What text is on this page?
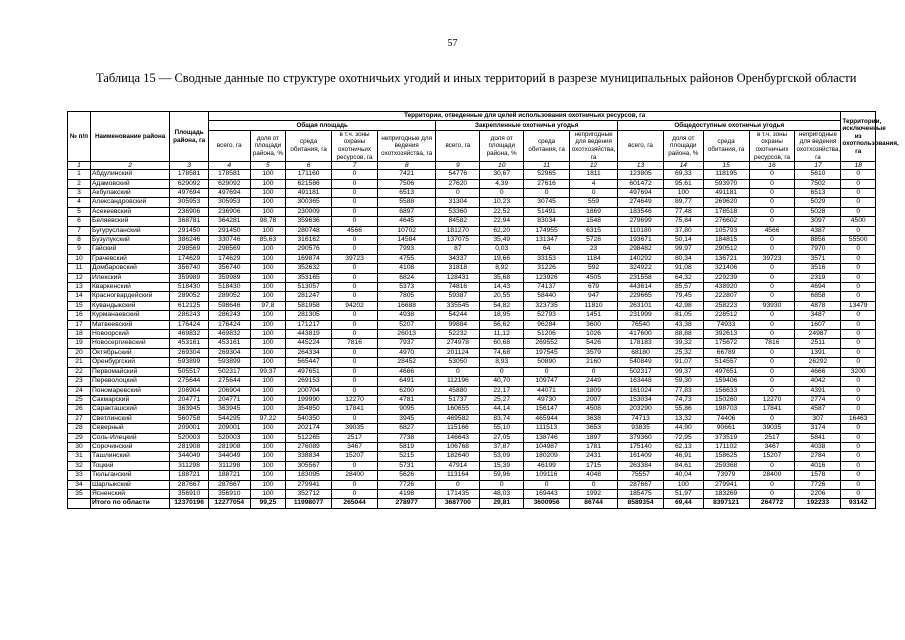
57
Таблица 15 — Сводные данные по структуре охотничьих угодий и иных территорий в разрезе муниципальных районов Оренбургской области
№ п/п	Наименование района	Площадь района, га	Территории, отведенные для целей использования охотничьих ресурсов, га														Территории, исключенные из охотпользования, га
			Общая площадь					Закрепленные охотничьи угодья				Общедоступные охотничьи угодья					
			всего, га	доля от площади района, %	среда обитания, га	в т.ч. зоны охраны охотничьих ресурсов, га	непригодные для ведения охотхозяйства, га	всего, га	доля от площади района, %	среда обитания, га	непригодные для ведения охотхозяйства, га	всего, га	доля от площади района, %	среда обитания, га	в т.ч. зоны охраны охотничьих ресурсов, га	непригодные для ведения охотхозяйства, га	
1	2	3	4	5	6	7	8	9	10	11	12	13	14	15	16	17	18
1	Абдулинский	178581	178581	100	171160	0	7421	54776	30,67	52965	1811	123805	69,33	118195	0	5610	0
2	Адамовский	629092	629092	100	621586	0	7506	27620	4,39	27616	4	601472	95,61	593970	0	7502	0
3	Акбулакский	497694	497694	100	491181	0	6513	0	0	0	0	497694	100	491181	0	6513	0
4	Александровский	305953	305953	100	300365	0	5588	31304	10,23	30745	559	274649	89,77	269620	0	5029	0
5	Асекеевский	236906	236906	100	230009	0	6897	53360	22,52	51491	1869	183546	77,48	178518	0	5028	0
6	Беляевский	368781	364281	98,78	359636	0	4645	84582	22,94	83034	1548	279699	75,84	276602	0	3097	4500
7	Бугурусланский	291450	291450	100	280748	4566	10702	181270	62,20	174955	6315	110180	37,80	105793	4566	4387	0
8	Бузулукский	386246	330746	85,63	316162	0	14584	137075	35,49	131347	5728	193671	50,14	184815	0	8856	55500
9	Гайский	298569	298569	100	290576	0	7993	87	0,03	64	23	298482	99,97	290512	0	7970	0
10	Грачевский	174629	174629	100	169874	39723	4755	34337	19,66	33153	1184	140292	80,34	136721	39723	3571	0
11	Домбаровский	356740	356740	100	352632	0	4108	31818	8,92	31226	592	324922	91,08	321406	0	3516	0
12	Илекский	359989	359989	100	353165	0	6824	128431	35,68	123926	4505	231558	64,32	229239	0	2319	0
13	Кваркенский	518430	518430	100	513057	0	5373	74816	14,43	74137	679	443614	85,57	438920	0	4694	0
14	Красногвардейский	289052	289052	100	281247	0	7805	59387	20,55	58440	947	229665	79,45	222807	0	6858	0
15	Кувандыкский	612125	598646	97,8	581958	94202	16688	335545	54,82	323735	11810	263101	42,98	258223	93930	4878	13479
16	Курманаевский	286243	286243	100	281305	0	4938	54244	18,95	52793	1451	231999	81,05	228512	0	3487	0
17	Матвеевский	176424	176424	100	171217	0	5207	99884	56,62	96284	3600	76540	43,38	74933	0	1607	0
18	Новоорский	469832	469832	100	443819	0	26013	52232	11,12	51206	1026	417600	88,88	392613	0	24987	0
19	Новосергиевский	453161	453161	100	445224	7816	7937	274978	60,68	269552	5426	178183	39,32	175672	7816	2511	0
20	Октябрьский	269304	269304	100	264334	0	4970	201124	74,68	197545	3579	68180	25,32	66789	0	1391	0
21	Оренбургский	593899	593899	100	565447	0	28452	53050	8,93	50890	2160	540849	91,07	514557	0	26292	0
22	Первомайский	505517	502317	99,37	497651	0	4666	0	0	0	0	502317	99,37	497651	0	4666	3200
23	Переволоцкий	275644	275644	100	269153	0	6491	112196	40,70	109747	2449	163448	59,30	159406	0	4042	0
24	Пономаревский	206904	206904	100	200704	0	6200	45880	22,17	44071	1809	161024	77,83	156633	0	4391	0
25	Сакмарский	204771	204771	100	199990	12270	4781	51737	25,27	49730	2007	153034	74,73	150260	12270	2774	0
26	Саракташский	363945	363945	100	354850	17841	9095	160655	44,14	156147	4508	203290	55,86	198703	17841	4587	0
27	Светлинский	560758	544295	97,22	540350	0	3945	469582	83,74	465944	3638	74713	13,32	74406	0	307	16463
28	Северный	209001	209001	100	202174	39035	6827	115166	55,10	111513	3653	93835	44,90	90661	39035	3174	0
29	Соль-Илецкий	520003	520003	100	512265	2517	7738	146643	27,05	138746	1897	379360	72,95	373519	2517	5841	0
30	Сорочинский	281908	281908	100	276089	3467	5819	106768	37,87	104987	1781	175140	62,13	171102	3467	4038	0
31	Ташлинский	344049	344049	100	338834	15207	5215	182640	53,09	180209	2431	161409	46,91	158625	15207	2784	0
32	Тоцкий	311298	311298	100	305567	0	5731	47914	15,39	46199	1715	263384	84,61	259368	0	4016	0
33	Тюльганский	188721	188721	100	183095	28400	5626	113164	59,96	109116	4048	75557	40,04	73979	28400	1578	0
34	Шарлыкский	287667	287667	100	279941	0	7726	0	0	0	0	287667	100	279941	0	7726	0
35	Ясненский	356910	356910	100	352712	0	4198	171435	48,03	169443	1992	185475	51,97	183269	0	2206	0
	Итого по области	12370196	12277054	99,25	11998077	265044	278977	3687700	29,81	3600956	86744	8589354	69,44	8397121	264772	192233	93142
